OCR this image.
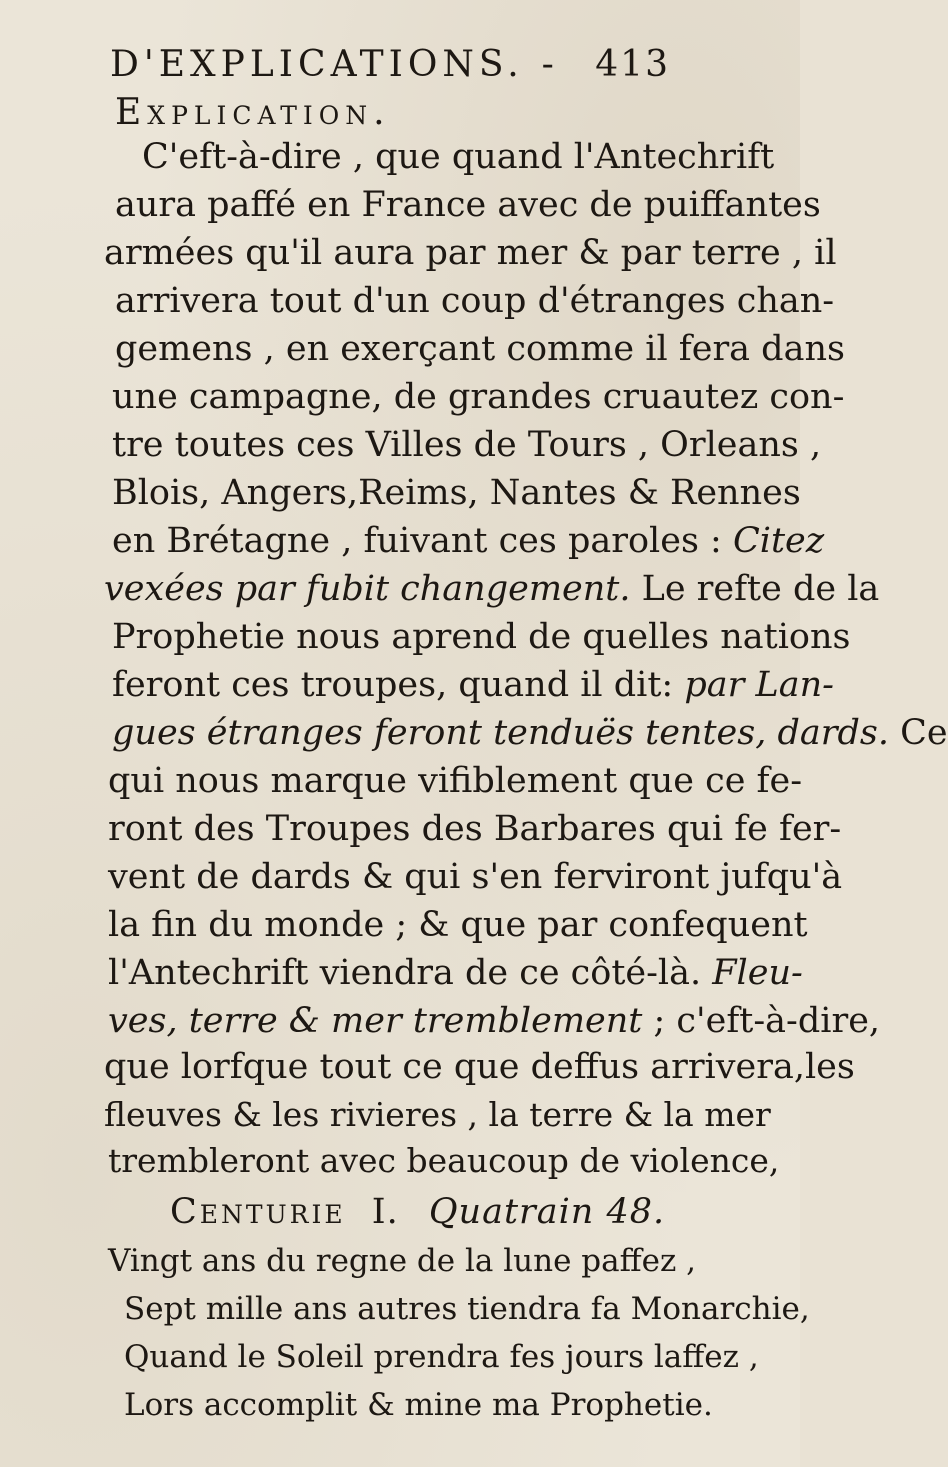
D'EXPLICATIONS. - 413
Explication.
C'eft-à-dire , que quand l'Antechrift
aura paffé en France avec de puiffantes
armées qu'il aura par mer & par terre , il
arrivera tout d'un coup d'étranges chan-
gemens , en exerçant comme il fera dans
une campagne, de grandes cruautez con-
tre toutes ces Villes de Tours , Orleans ,
Blois, Angers,Reims, Nantes & Rennes
en Brétagne , fuivant ces paroles : Citez
vexées par fubit changement. Le refte de la
Prophetie nous aprend de quelles nations
feront ces troupes, quand il dit: par Lan-
gues étranges feront tenduës tentes, dards. Ce
qui nous marque vifiblement que ce fe-
ront des Troupes des Barbares qui fe fer-
vent de dards & qui s'en ferviront jufqu'à
la fin du monde ; & que par confequent
l'Antechrift viendra de ce côté-là. Fleu-
ves, terre & mer tremblement ; c'eft-à-dire,
que lorfque tout ce que deffus arrivera,les
fleuves & les rivieres , la terre & la mer
trembleront avec beaucoup de violence,
Centurie I. Quatrain 48.
Vingt ans du regne de la lune paffez ,
Sept mille ans autres tiendra fa Monarchie,
Quand le Soleil prendra fes jours laffez ,
Lors accomplit & mine ma Prophetie.
